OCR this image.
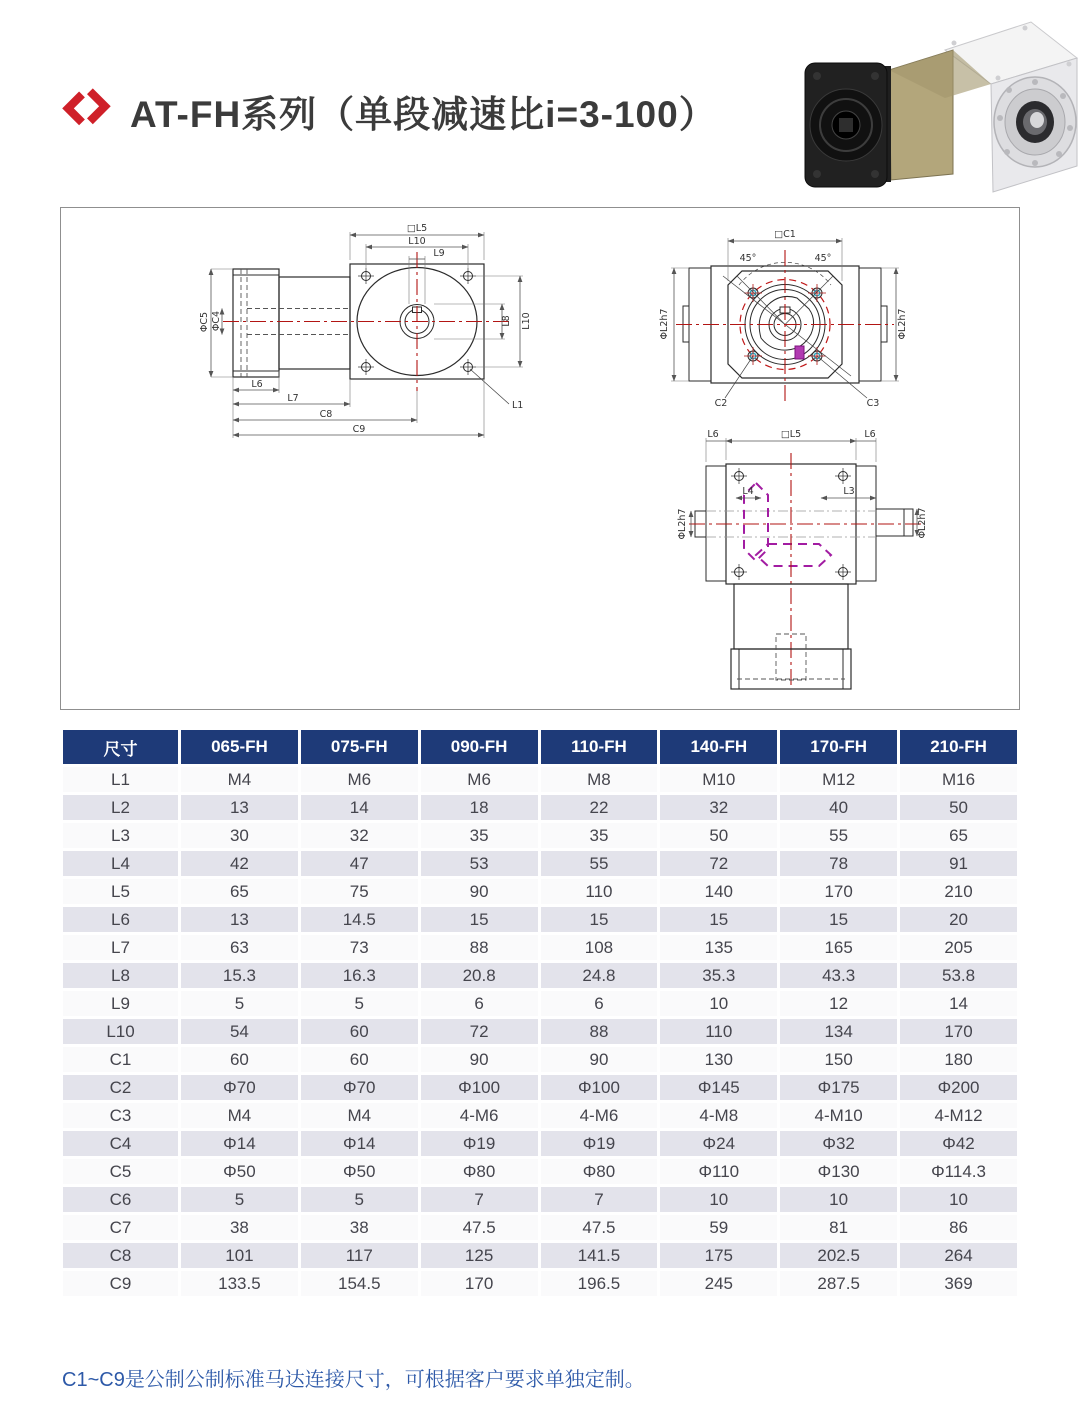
AT-FH系列（单段减速比i=3-100）
□L5
L10
L9
L8 L10
ΦC5 ΦC4
L6
L7
C8
C9
L1
45°	45°
□C1
ΦL2h7	ΦL2h7
C2	C3
L6	□L5	L6
L4	L3
ΦL2h7	ΦL2h7
尺寸	065-FH	075-FH	090-FH	110-FH	140-FH	170-FH	210-FH
L1	M4	M6	M6	M8	M10	M12	M16
L2	13	14	18	22	32	40	50
L3	30	32	35	35	50	55	65
L4	42	47	53	55	72	78	91
L5	65	75	90	110	140	170	210
L6	13	14.5	15	15	15	15	20
L7	63	73	88	108	135	165	205
L8	15.3	16.3	20.8	24.8	35.3	43.3	53.8
L9	5	5	6	6	10	12	14
L10	54	60	72	88	110	134	170
C1	60	60	90	90	130	150	180
C2	Φ70	Φ70	Φ100	Φ100	Φ145	Φ175	Φ200
C3	M4	M4	4-M6	4-M6	4-M8	4-M10	4-M12
C4	Φ14	Φ14	Φ19	Φ19	Φ24	Φ32	Φ42
C5	Φ50	Φ50	Φ80	Φ80	Φ110	Φ130	Φ114.3
C6	5	5	7	7	10	10	10
C7	38	38	47.5	47.5	59	81	86
C8	101	117	125	141.5	175	202.5	264
C9	133.5	154.5	170	196.5	245	287.5	369

C1~C9是公制公制标准马达连接尺寸，可根据客户要求单独定制。
